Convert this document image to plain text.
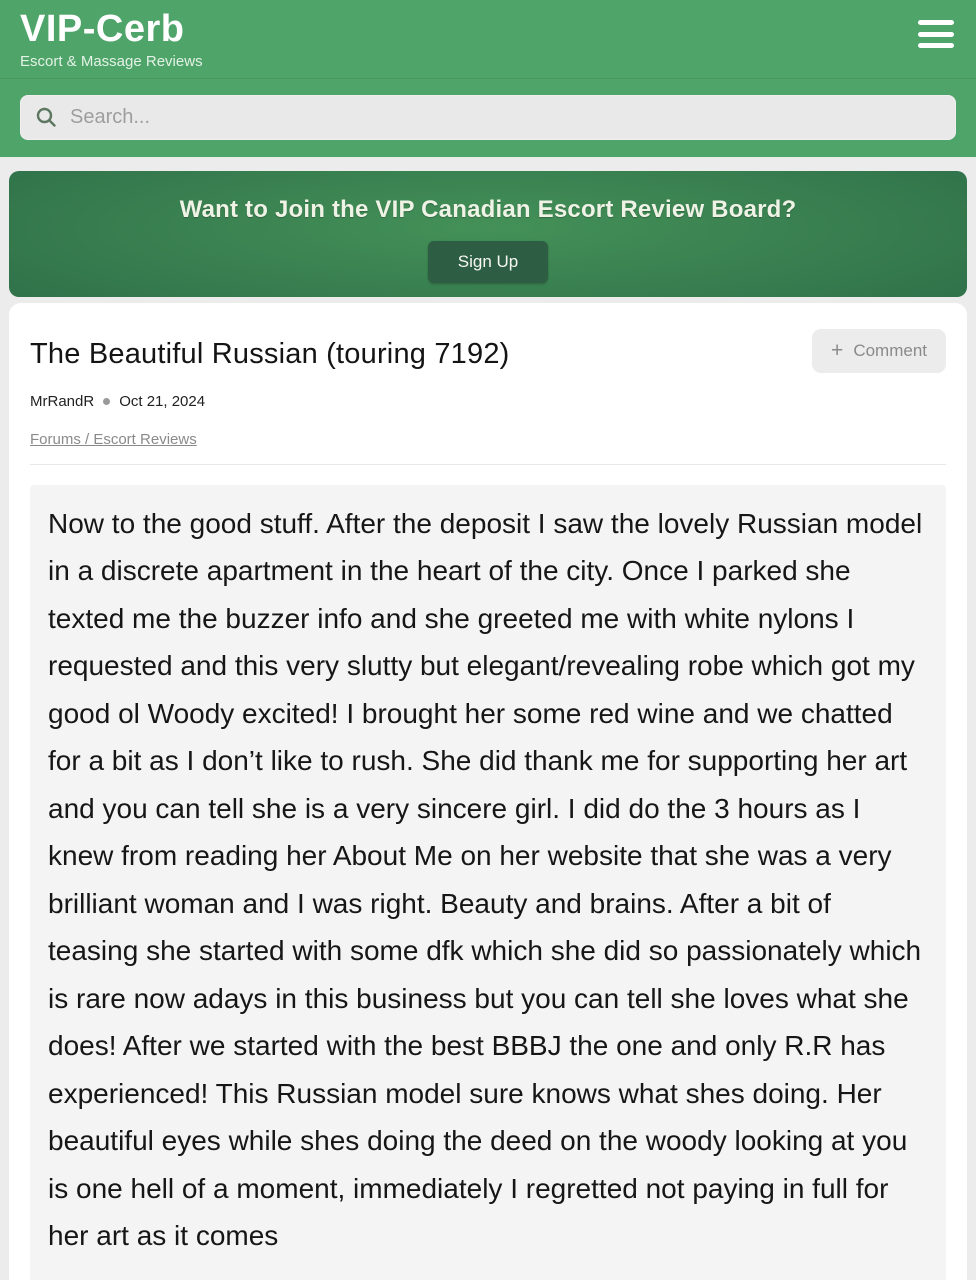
VIP-Cerb
Escort & Massage Reviews
Search...
Want to Join the VIP Canadian Escort Review Board?
Sign Up
The Beautiful Russian (touring 7192)	+ Comment
MrRandR Oct 21, 2024
Forums / Escort Reviews
Now to the good stuff. After the deposit I saw the lovely Russian model in a discrete apartment in the heart of the city. Once I parked she texted me the buzzer info and she greeted me with white nylons I requested and this very slutty but elegant/revealing robe which got my good ol Woody excited! I brought her some red wine and we chatted for a bit as I don’t like to rush. She did thank me for supporting her art and you can tell she is a very sincere girl. I did do the 3 hours as I knew from reading her About Me on her website that she was a very brilliant woman and I was right. Beauty and brains. After a bit of teasing she started with some dfk which she did so passionately which is rare now adays in this business but you can tell she loves what she does! After we started with the best BBBJ the one and only R.R has experienced! This Russian model sure knows what shes doing. Her beautiful eyes while shes doing the deed on the woody looking at you is one hell of a moment, immediately I regretted not paying in full for her art as it comes
